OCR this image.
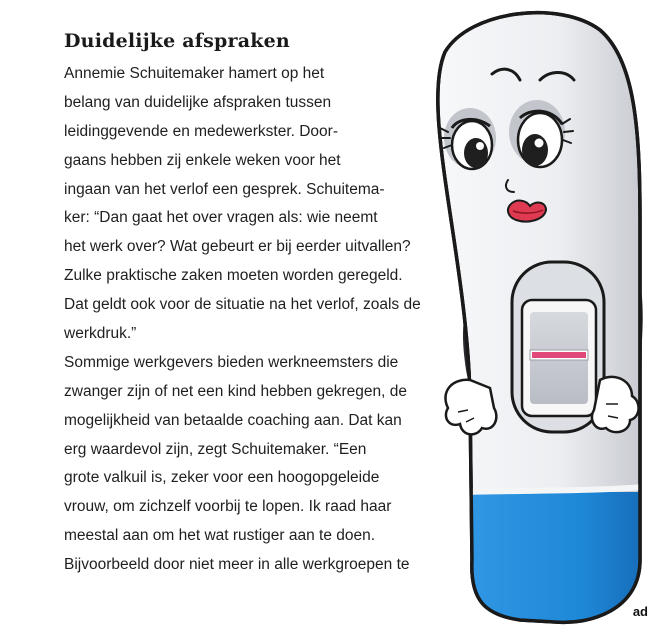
Duidelijke afspraken
Annemie Schuitemaker hamert op het
belang van duidelijke afspraken tussen
leidinggevende en medewerkster. Door-
gaans hebben zij enkele weken voor het
ingaan van het verlof een gesprek. Schuitema-
ker: “Dan gaat het over vragen als: wie neemt
het werk over? Wat gebeurt er bij eerder uitvallen?
Zulke praktische zaken moeten worden geregeld.
Dat geldt ook voor de situatie na het verlof, zoals de
werkdruk.”
Sommige werkgevers bieden werkneemsters die
zwanger zijn of net een kind hebben gekregen, de
mogelijkheid van betaalde coaching aan. Dat kan
erg waardevol zijn, zegt Schuitemaker. “Een
grote valkuil is, zeker voor een hoogopgeleide
vrouw, om zichzelf voorbij te lopen. Ik raad haar
meestal aan om het wat rustiger aan te doen.
Bijvoorbeeld door niet meer in alle werkgroepen te
ad
